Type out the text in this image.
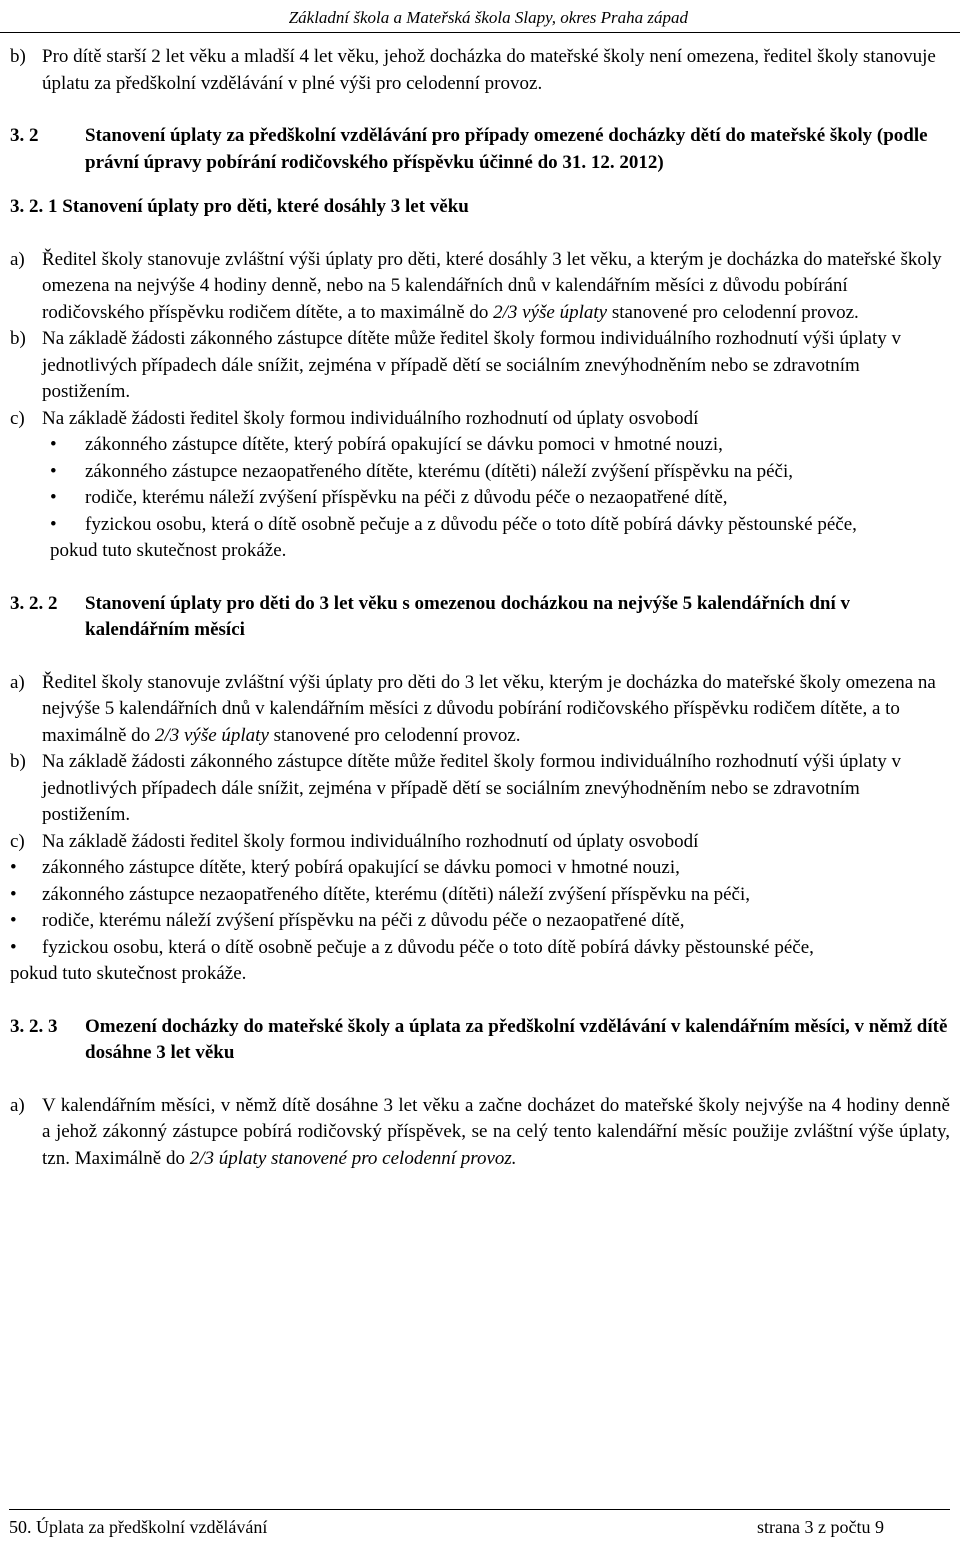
Základní škola a Mateřská škola Slapy, okres Praha západ
b) Pro dítě starší 2 let věku a mladší 4 let věku, jehož docházka do mateřské školy není omezena, ředitel školy stanovuje úplatu za předškolní vzdělávání v plné výši pro celodenní provoz.
3. 2	Stanovení úplaty za předškolní vzdělávání pro případy omezené docházky dětí do mateřské školy (podle právní úpravy pobírání rodičovského příspěvku účinné do 31. 12. 2012)

3. 2. 1 Stanovení úplaty pro děti, které dosáhly 3 let věku

a) Ředitel školy stanovuje zvláštní výši úplaty pro děti, které dosáhly 3 let věku, a kterým je docházka do mateřské školy omezena na nejvýše 4 hodiny denně, nebo na 5 kalendářních dnů v kalendářním měsíci z důvodu pobírání rodičovského příspěvku rodičem dítěte, a to maximálně do 2/3 výše úplaty stanovené pro celodenní provoz.
b) Na základě žádosti zákonného zástupce dítěte může ředitel školy formou individuálního rozhodnutí výši úplaty v jednotlivých případech dále snížit, zejména v případě dětí se sociálním znevýhodněním nebo se zdravotním postižením.
c) Na základě žádosti ředitel školy formou individuálního rozhodnutí od úplaty osvobodí
•	zákonného zástupce dítěte, který pobírá opakující se dávku pomoci v hmotné nouzi,
•	zákonného zástupce nezaopatřeného dítěte, kterému (dítěti) náleží zvýšení příspěvku na péči,
•	rodiče, kterému náleží zvýšení příspěvku na péči z důvodu péče o nezaopatřené dítě,
•	fyzickou osobu, která o dítě osobně pečuje a z důvodu péče o toto dítě pobírá dávky pěstounské péče,

pokud tuto skutečnost prokáže.

3. 2. 2	Stanovení úplaty pro děti do 3 let věku s omezenou docházkou na nejvýše 5 kalendářních dní v kalendářním měsíci
a) Ředitel školy stanovuje zvláštní výši úplaty pro děti do 3 let věku, kterým je docházka do mateřské školy omezena na nejvýše 5 kalendářních dnů v kalendářním měsíci z důvodu pobírání rodičovského příspěvku rodičem dítěte, a to maximálně do 2/3 výše úplaty stanovené pro celodenní provoz.
b) Na základě žádosti zákonného zástupce dítěte může ředitel školy formou individuálního rozhodnutí výši úplaty v jednotlivých případech dále snížit, zejména v případě dětí se sociálním znevýhodněním nebo se zdravotním postižením.
c) Na základě žádosti ředitel školy formou individuálního rozhodnutí od úplaty osvobodí
•	zákonného zástupce dítěte, který pobírá opakující se dávku pomoci v hmotné nouzi,
•	zákonného zástupce nezaopatřeného dítěte, kterému (dítěti) náleží zvýšení příspěvku na péči,
•	rodiče, kterému náleží zvýšení příspěvku na péči z důvodu péče o nezaopatřené dítě,
•	fyzickou osobu, která o dítě osobně pečuje a z důvodu péče o toto dítě pobírá dávky pěstounské péče,

pokud tuto skutečnost prokáže.

3. 2. 3	Omezení docházky do mateřské školy a úplata za předškolní vzdělávání v kalendářním měsíci, v němž dítě dosáhne 3 let věku
a) V kalendářním měsíci, v němž dítě dosáhne 3 let věku a začne docházet do mateřské školy nejvýše na 4 hodiny denně a jehož zákonný zástupce pobírá rodičovský příspěvek, se na celý tento kalendářní měsíc použije zvláštní výše úplaty, tzn. Maximálně do 2/3 úplaty stanovené pro celodenní provoz.
50. Úplata za předškolní vzdělávání	strana 3 z počtu 9
